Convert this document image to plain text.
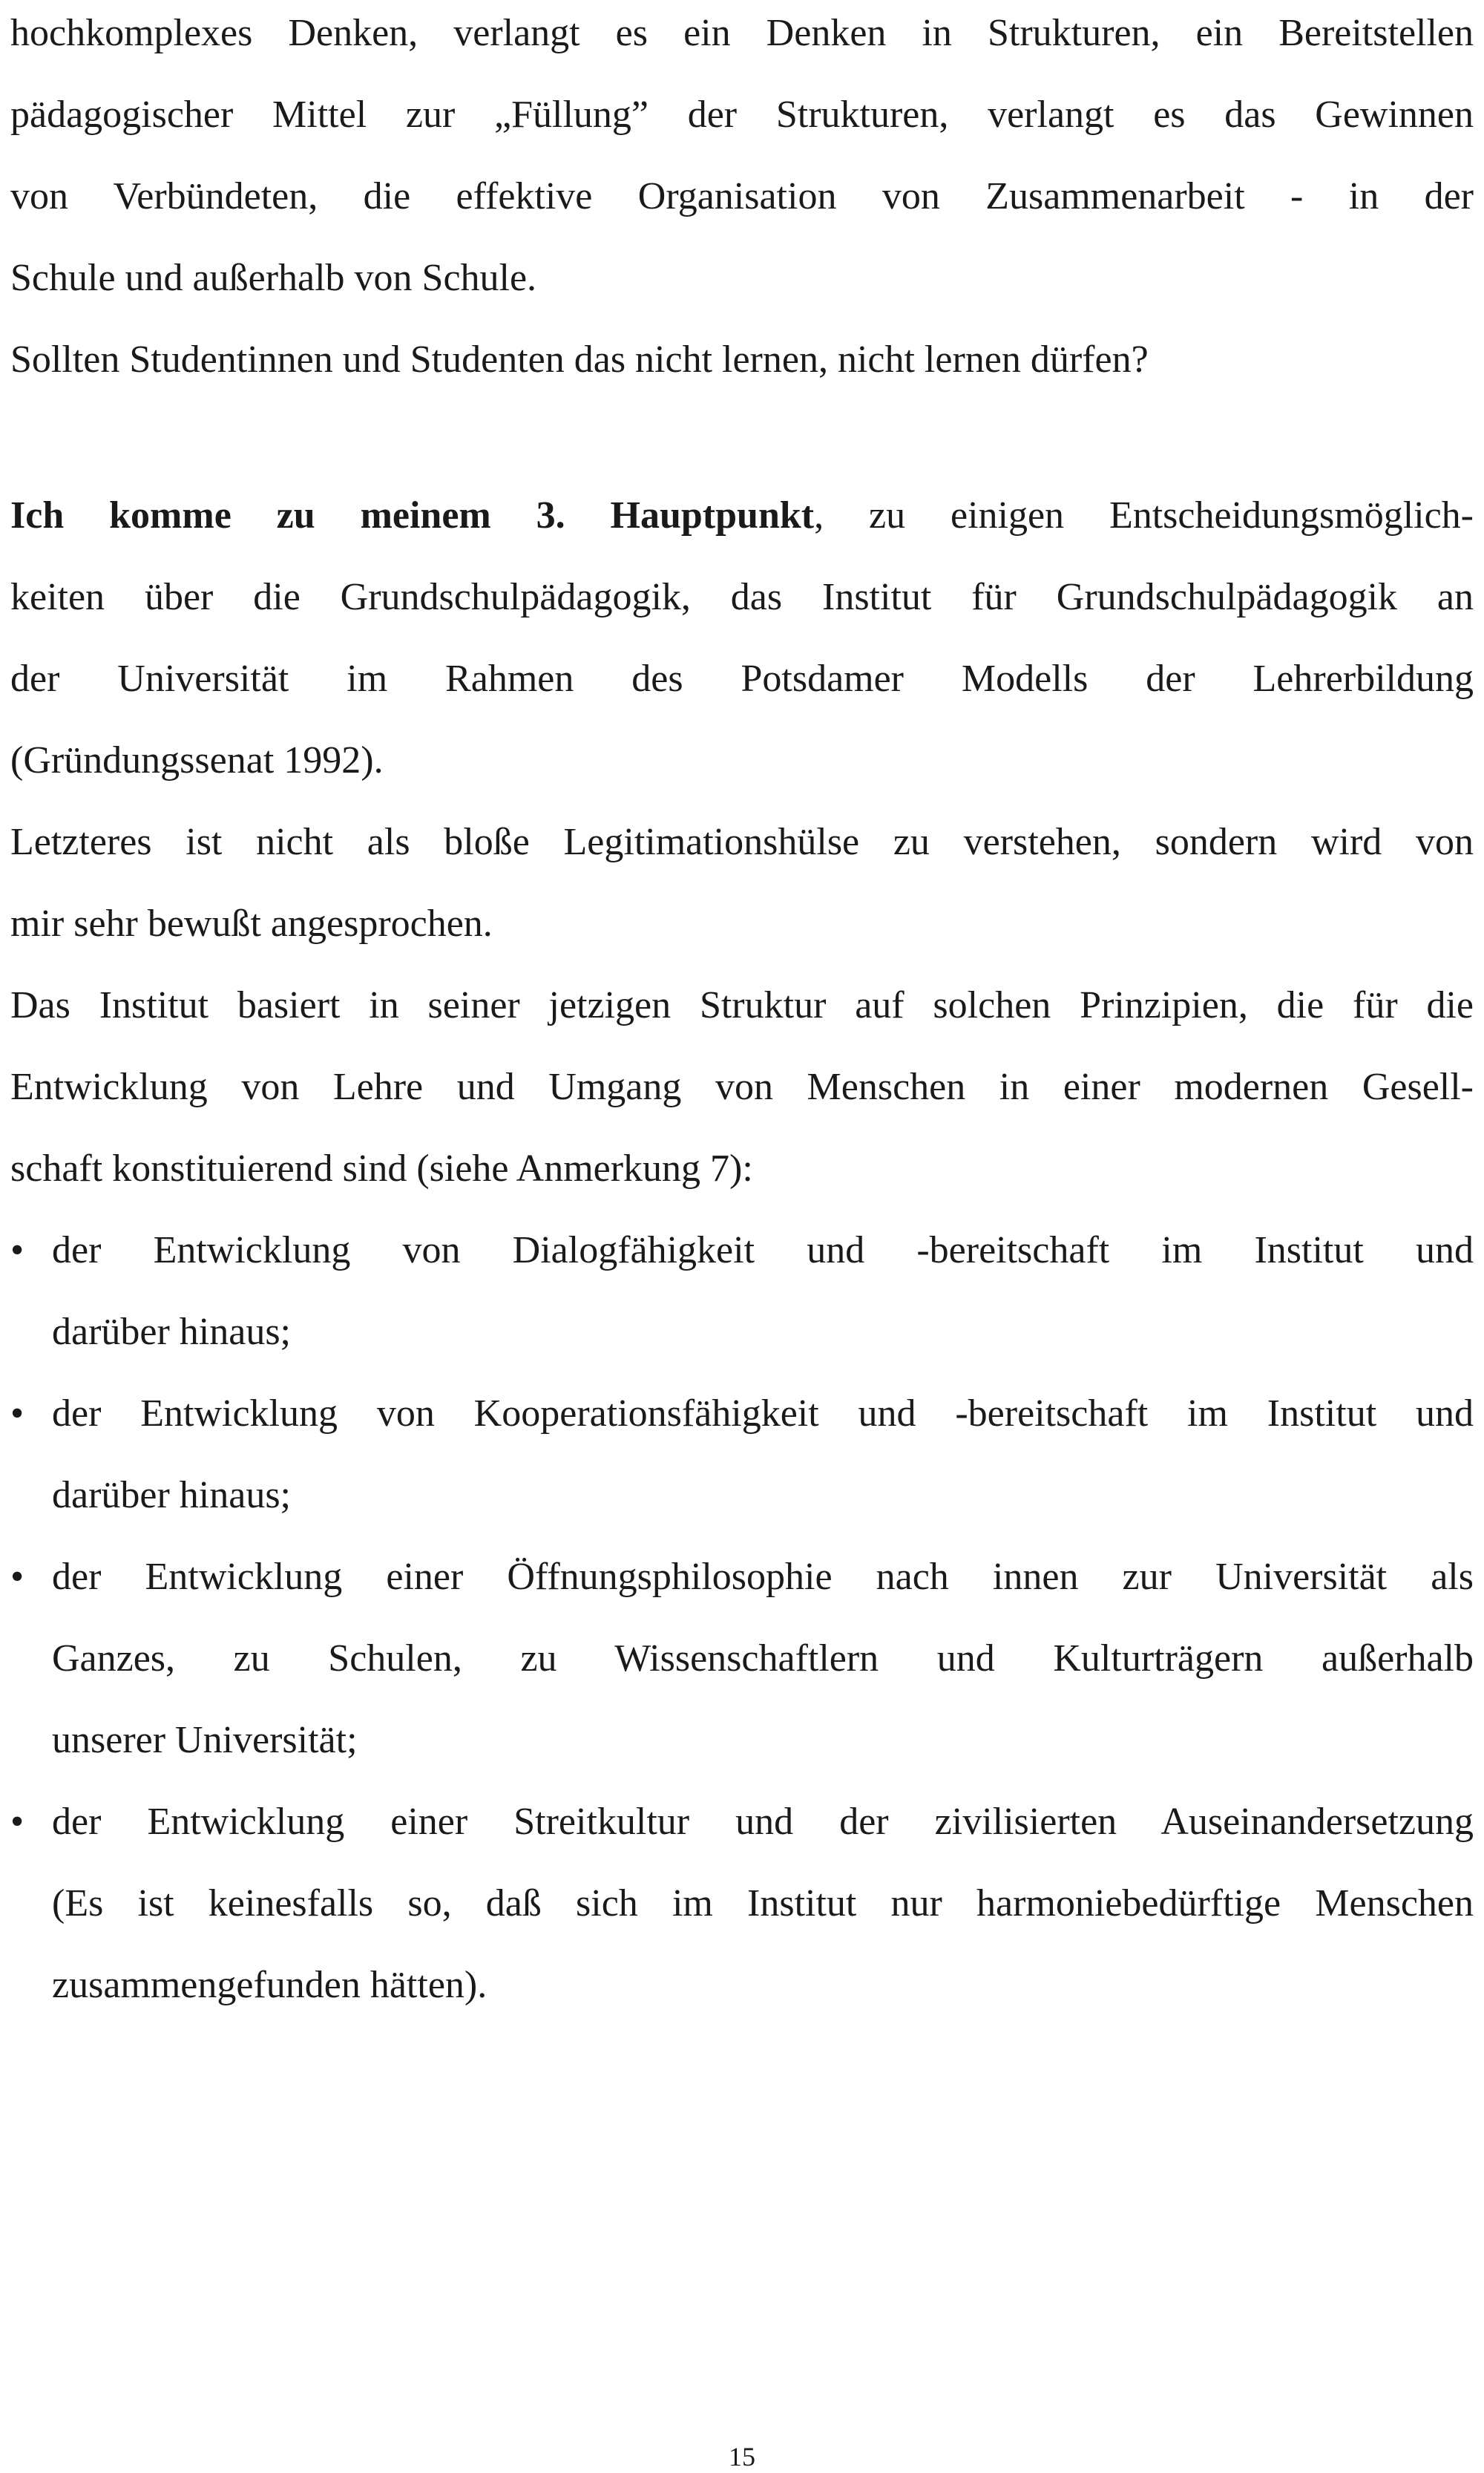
hochkomplexes Denken, verlangt es ein Denken in Strukturen, ein Bereitstellen
pädagogischer Mittel zur „Füllung” der Strukturen, verlangt es das Gewinnen
von Verbündeten, die effektive Organisation von Zusammenarbeit - in der
Schule und außerhalb von Schule.
Sollten Studentinnen und Studenten das nicht lernen, nicht lernen dürfen?
Ich komme zu meinem 3. Hauptpunkt, zu einigen Entscheidungsmöglich-
keiten über die Grundschulpädagogik, das Institut für Grundschulpädagogik an
der Universität im Rahmen des Potsdamer Modells der Lehrerbildung
(Gründungssenat 1992).
Letzteres ist nicht als bloße Legitimationshülse zu verstehen, sondern wird von
mir sehr bewußt angesprochen.
Das Institut basiert in seiner jetzigen Struktur auf solchen Prinzipien, die für die
Entwicklung von Lehre und Umgang von Menschen in einer modernen Gesell-
schaft konstituierend sind (siehe Anmerkung 7):
• der Entwicklung von Dialogfähigkeit und -bereitschaft im Institut und
darüber hinaus;
• der Entwicklung von Kooperationsfähigkeit und -bereitschaft im Institut und
darüber hinaus;
• der Entwicklung einer Öffnungsphilosophie nach innen zur Universität als
Ganzes, zu Schulen, zu Wissenschaftlern und Kulturträgern außerhalb
unserer Universität;
• der Entwicklung einer Streitkultur und der zivilisierten Auseinandersetzung
(Es ist keinesfalls so, daß sich im Institut nur harmoniebedürftige Menschen
zusammengefunden hätten).
15
